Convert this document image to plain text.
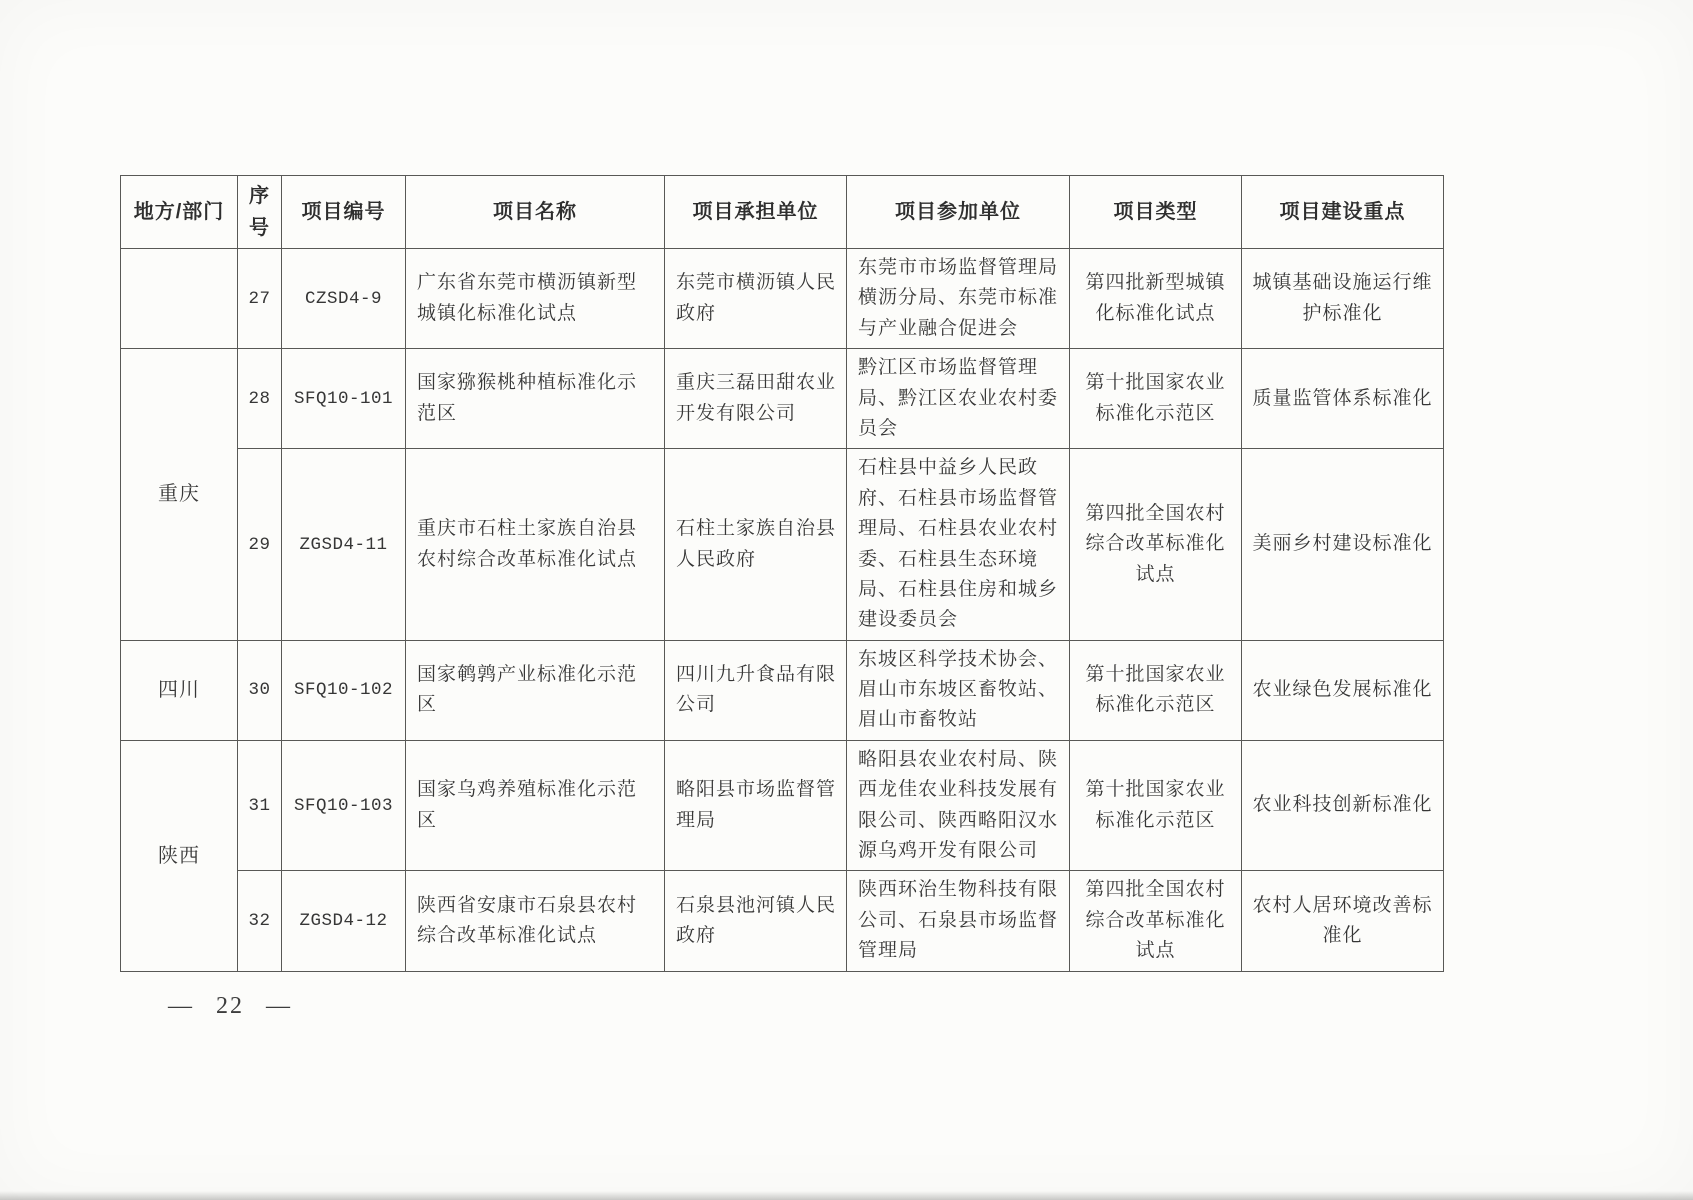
地方/部门	序号	项目编号	项目名称	项目承担单位	项目参加单位	项目类型	项目建设重点
	27	CZSD4-9	广东省东莞市横沥镇新型城镇化标准化试点	东莞市横沥镇人民政府	东莞市市场监督管理局横沥分局、东莞市标准与产业融合促进会	第四批新型城镇化标准化试点	城镇基础设施运行维护标准化
重庆	28	SFQ10-101	国家猕猴桃种植标准化示范区	重庆三磊田甜农业开发有限公司	黔江区市场监督管理局、黔江区农业农村委员会	第十批国家农业标准化示范区	质量监管体系标准化
	29	ZGSD4-11	重庆市石柱土家族自治县农村综合改革标准化试点	石柱土家族自治县人民政府	石柱县中益乡人民政府、石柱县市场监督管理局、石柱县农业农村委、石柱县生态环境局、石柱县住房和城乡建设委员会	第四批全国农村综合改革标准化试点	美丽乡村建设标准化
四川	30	SFQ10-102	国家鹌鹑产业标准化示范区	四川九升食品有限公司	东坡区科学技术协会、眉山市东坡区畜牧站、眉山市畜牧站	第十批国家农业标准化示范区	农业绿色发展标准化
陕西	31	SFQ10-103	国家乌鸡养殖标准化示范区	略阳县市场监督管理局	略阳县农业农村局、陕西龙佳农业科技发展有限公司、陕西略阳汉水源乌鸡开发有限公司	第十批国家农业标准化示范区	农业科技创新标准化
	32	ZGSD4-12	陕西省安康市石泉县农村综合改革标准化试点	石泉县池河镇人民政府	陕西环治生物科技有限公司、石泉县市场监督管理局	第四批全国农村综合改革标准化试点	农村人居环境改善标准化
— 22 —
